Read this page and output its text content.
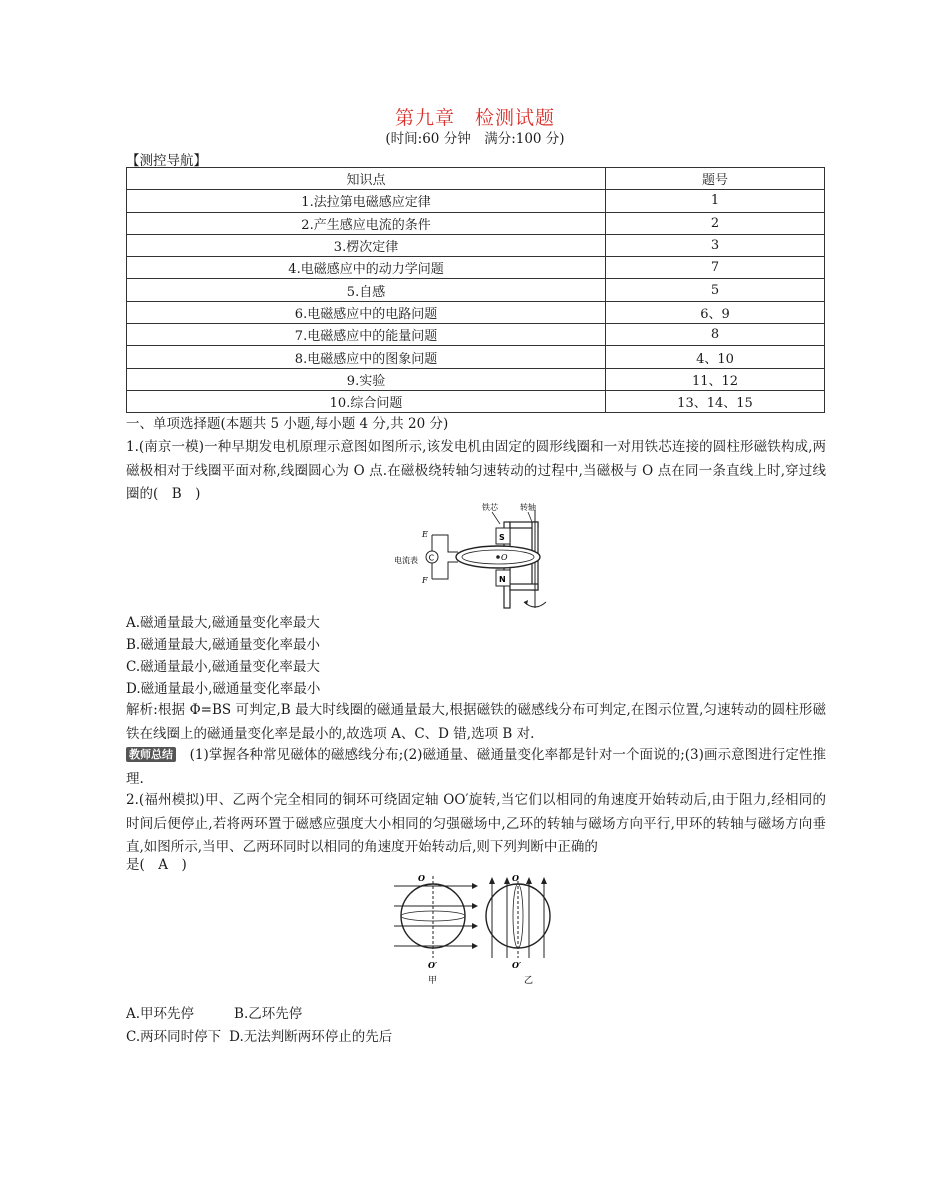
第九章　检测试题
(时间:60 分钟　满分:100 分)
【测控导航】
知识点	题号
1.法拉第电磁感应定律	1
2.产生感应电流的条件	2
3.楞次定律	3
4.电磁感应中的动力学问题	7
5.自感	5
6.电磁感应中的电路问题	6、9
7.电磁感应中的能量问题	8
8.电磁感应中的图象问题	4、10
9.实验	11、12
10.综合问题	13、14、15
一、单项选择题(本题共 5 小题,每小题 4 分,共 20 分)
1.(南京一模)一种早期发电机原理示意图如图所示,该发电机由固定的圆形线圈和一对用铁芯连接的圆柱形磁铁构成,两磁极相对于线圈平面对称,线圈圆心为 O 点.在磁极绕转轴匀速转动的过程中,当磁极与 O 点在同一条直线上时,穿过线圈的(　B　)
C
E
F
电流表
S
N
O
铁芯	转轴
A.磁通量最大,磁通量变化率最大
B.磁通量最大,磁通量变化率最小
C.磁通量最小,磁通量变化率最大
D.磁通量最小,磁通量变化率最小
解析:根据 Φ=BS 可判定,B 最大时线圈的磁通量最大,根据磁铁的磁感线分布可判定,在图示位置,匀速转动的圆柱形磁铁在线圈上的磁通量变化率是最小的,故选项 A、C、D 错,选项 B 对.
教师总结　 (1)掌握各种常见磁体的磁感线分布;(2)磁通量、磁通量变化率都是针对一个面说的;(3)画示意图进行定性推理.
2.(福州模拟)甲、乙两个完全相同的铜环可绕固定轴 OO′旋转,当它们以相同的角速度开始转动后,由于阻力,经相同的时间后便停止,若将两环置于磁感应强度大小相同的匀强磁场中,乙环的转轴与磁场方向平行,甲环的转轴与磁场方向垂直,如图所示,当甲、乙两环同时以相同的角速度开始转动后,则下列判断中正确的
是(　A　)
O
O′
甲
O
O′
乙
A.甲环先停	B.乙环先停
C.两环同时停下 D.无法判断两环停止的先后
